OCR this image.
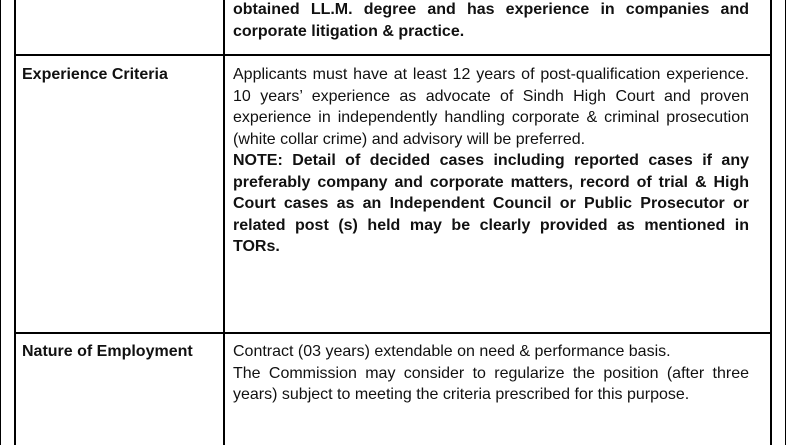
obtained LL.M. degree and has experience in companies and corporate litigation & practice.

Experience Criteria	Applicants must have at least 12 years of post-qualification experience. 10 years’ experience as advocate of Sindh High Court and proven experience in independently handling corporate & criminal prosecution (white collar crime) and advisory will be preferred.

NOTE: Detail of decided cases including reported cases if any preferably company and corporate matters, record of trial & High Court cases as an Independent Council or Public Prosecutor or related post (s) held may be clearly provided as mentioned in TORs.

Nature of Employment	Contract (03 years) extendable on need & performance basis.

The Commission may consider to regularize the position (after three years) subject to meeting the criteria prescribed for this purpose.
